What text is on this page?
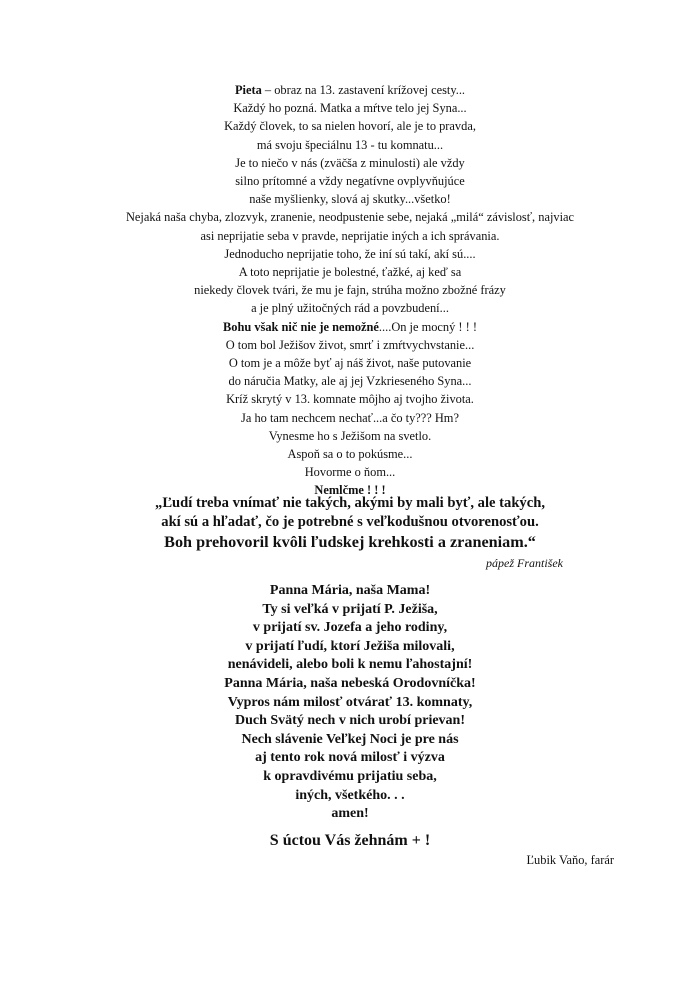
Pieta – obraz na 13. zastavení krížovej cesty...
Každý ho pozná. Matka a mŕtve telo jej Syna...
Každý človek, to sa nielen hovorí, ale je to pravda,
má svoju špeciálnu 13 - tu komnatu...
Je to niečo v nás (zväčša z minulosti) ale vždy
silno prítomné a vždy negatívne ovplyvňujúce
naše myšlienky, slová aj skutky...všetko!
Nejaká naša chyba, zlozvyk, zranenie, neodpustenie sebe, nejaká „milá“ závislosť, najviac
asi neprijatie seba v pravde, neprijatie iných a ich správania.
Jednoducho neprijatie toho, že iní sú takí, akí sú....
A toto neprijatie je bolestné, ťažké, aj keď sa
niekedy človek tvári, že mu je fajn, strúha možno zbožné frázy
a je plný užitočných rád a povzbudení...
Bohu však nič nie je nemožné....On je mocný ! ! !
O tom bol Ježišov život, smrť i zmŕtvychvstanie...
O tom je a môže byť aj náš život, naše putovanie
do náručia Matky, ale aj jej Vzkrieseného Syna...
Kríž skrytý v 13. komnate môjho aj tvojho života.
Ja ho tam nechcem nechať...a čo ty??? Hm?
Vynesme ho s Ježišom na svetlo.
Aspoň sa o to pokúsme...
Hovorme o ňom...
Nemlčme ! ! !
„Ľudí treba vnímať nie takých, akými by mali byť, ale takých,
akí sú a hľadať, čo je potrebné s veľkodušnou otvorenosťou.
Boh prehovoril kvôli ľudskej krehkosti a zraneniam.“
pápež František
Panna Mária, naša Mama!
Ty si veľká v prijatí P. Ježiša,
v prijatí sv. Jozefa a jeho rodiny,
v prijatí ľudí, ktorí Ježiša milovali,
nenávideli, alebo boli k nemu ľahostajní!
Panna Mária, naša nebeská Orodovníčka!
Vypros nám milosť otvárať 13. komnaty,
Duch Svätý nech v nich urobí prievan!
Nech slávenie Veľkej Noci je pre nás
aj tento rok nová milosť i výzva
k opravdivému prijatiu seba,
iných, všetkého. . .
amen!
S úctou Vás žehnám + !
Ľubik Vaňo, farár
